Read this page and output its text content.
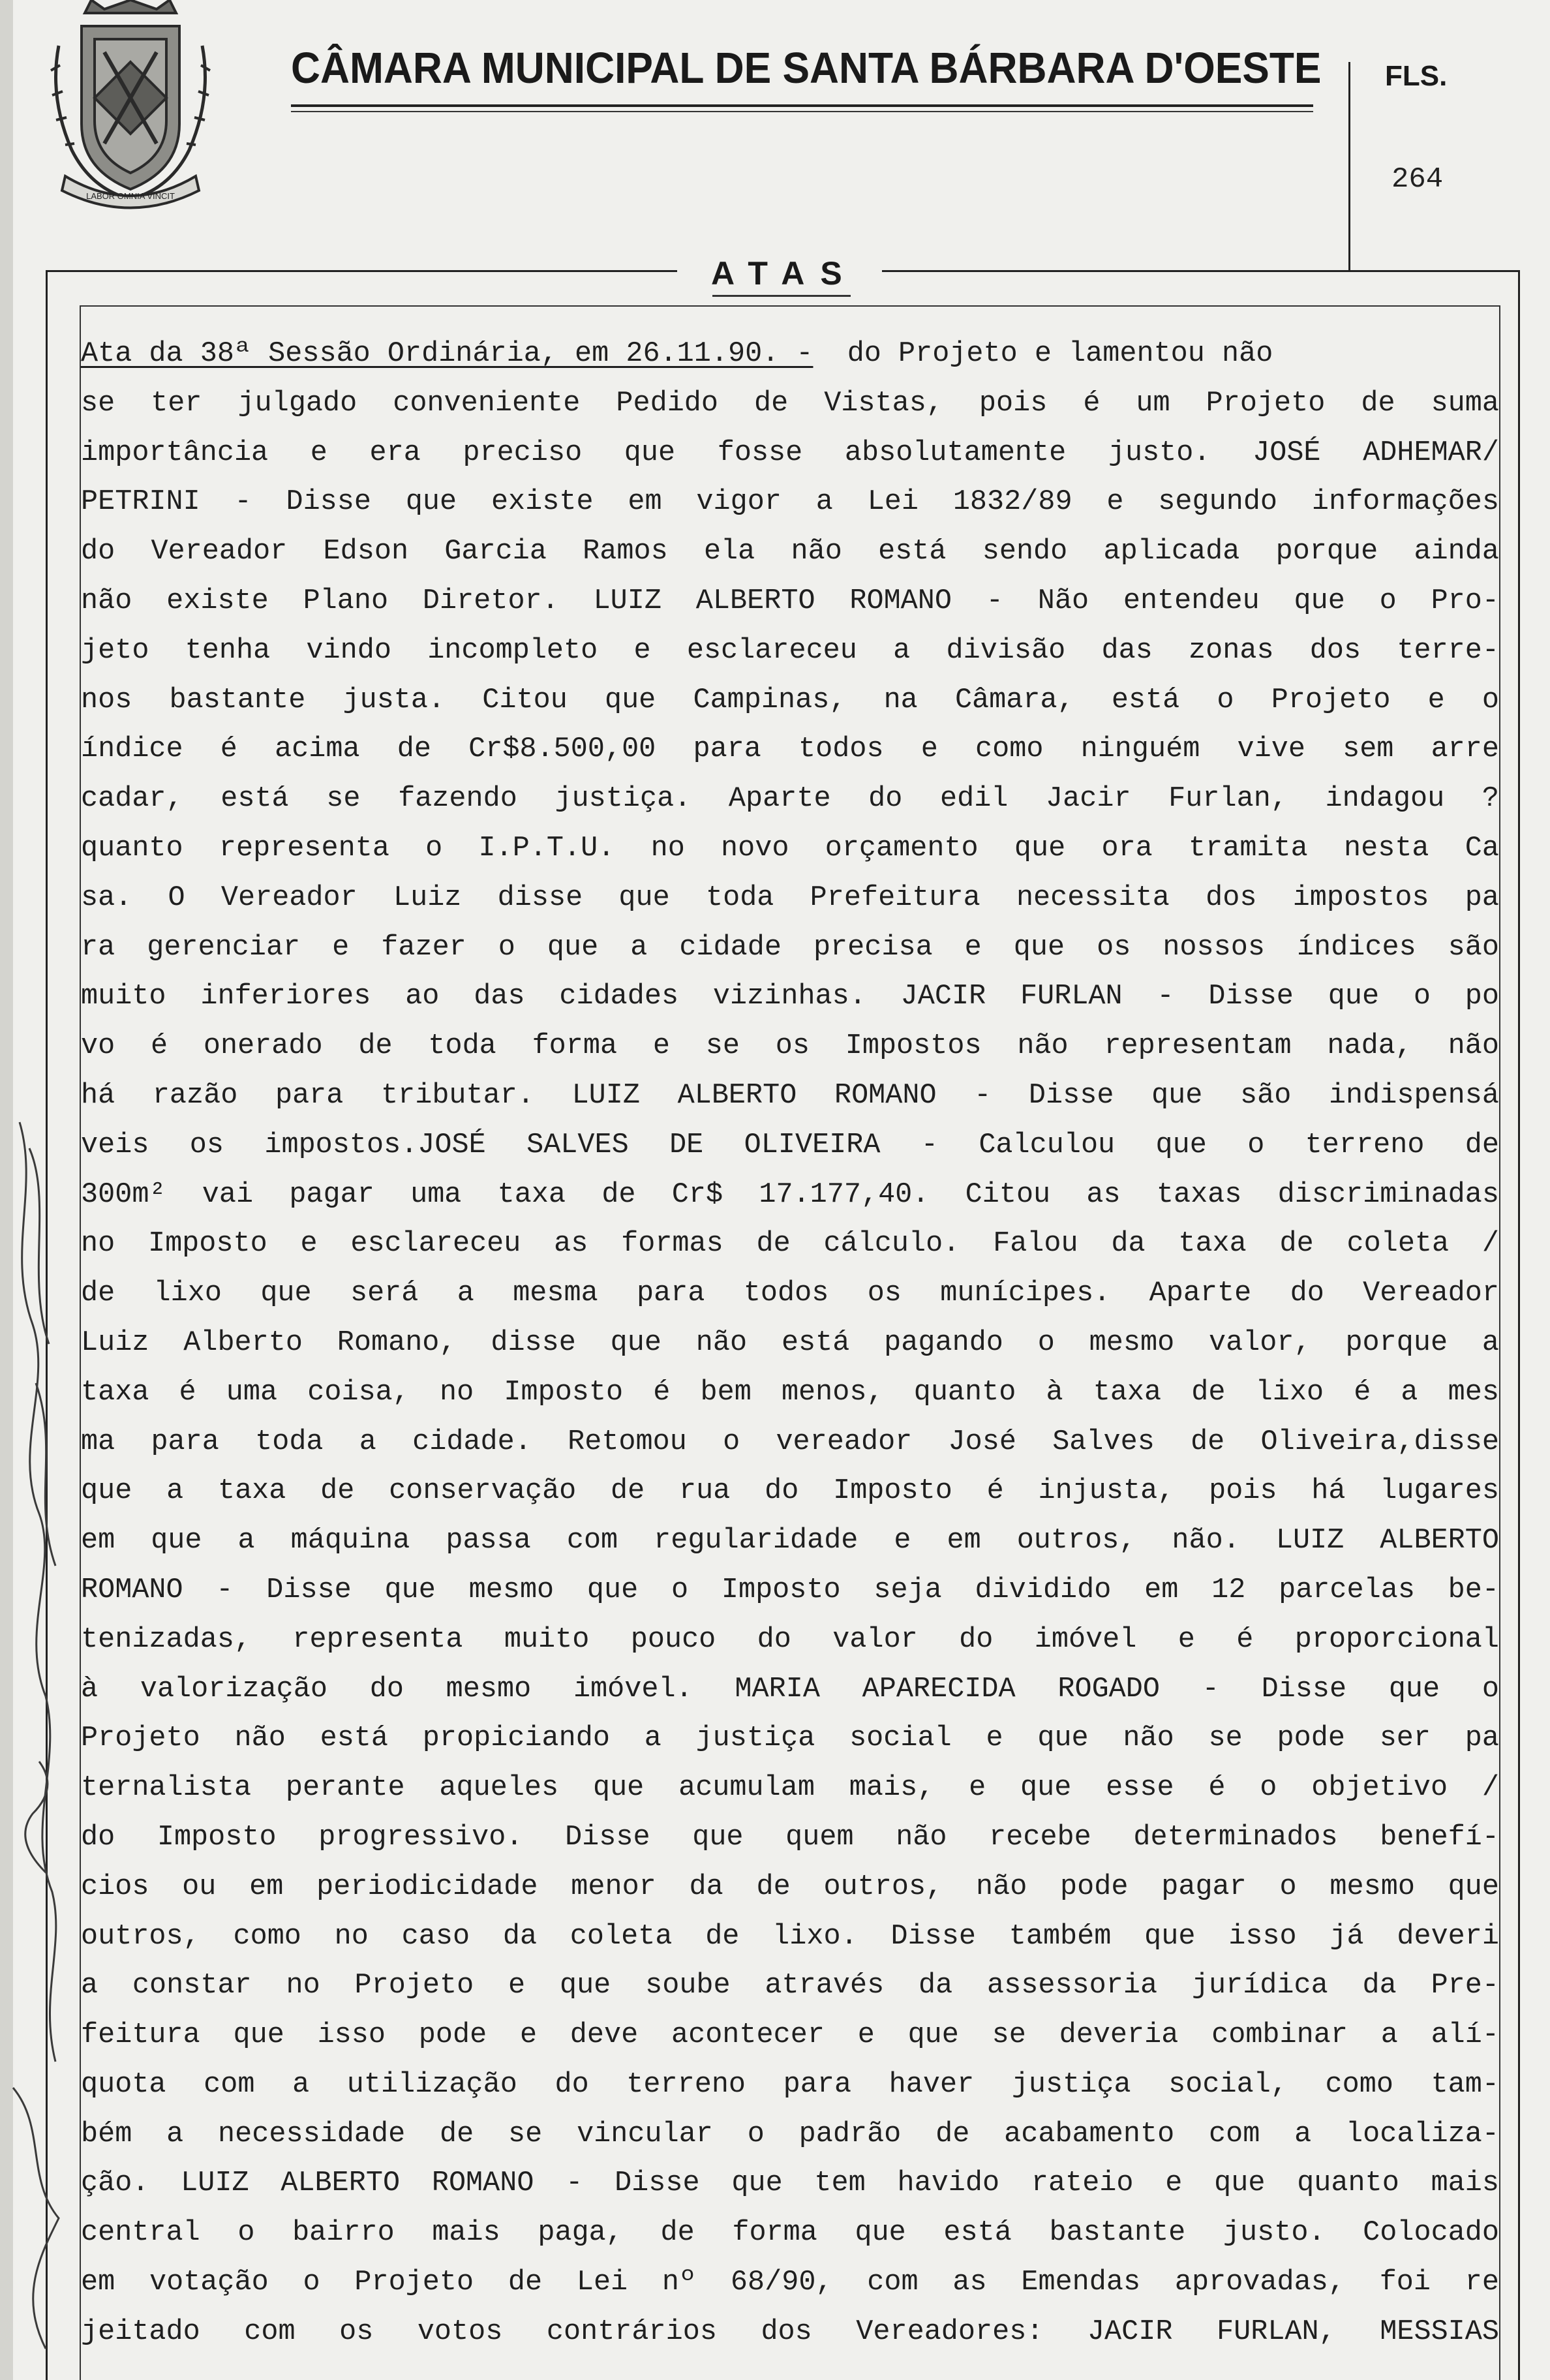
LABOR OMNIA VINCIT
CÂMARA MUNICIPAL DE SANTA BÁRBARA D'OESTE FLS.
264
ATAS
Ata da 38ª Sessão Ordinária, em 26.11.90. - do Projeto e lamentou não
se ter julgado conveniente Pedido de Vistas, pois é um Projeto de suma
importância e era preciso que fosse absolutamente justo. JOSÉ ADHEMAR/
PETRINI - Disse que existe em vigor a Lei 1832/89 e segundo informações
do Vereador Edson Garcia Ramos ela não está sendo aplicada porque ainda
não existe Plano Diretor. LUIZ ALBERTO ROMANO - Não entendeu que o Pro-
jeto tenha vindo incompleto e esclareceu a divisão das zonas dos terre-
nos bastante justa. Citou que Campinas, na Câmara, está o Projeto e o
índice é acima de Cr$8.500,00 para todos e como ninguém vive sem arre
cadar, está se fazendo justiça. Aparte do edil Jacir Furlan, indagou ?
quanto representa o I.P.T.U. no novo orçamento que ora tramita nesta Ca
sa. O Vereador Luiz disse que toda Prefeitura necessita dos impostos pa
ra gerenciar e fazer o que a cidade precisa e que os nossos índices são
muito inferiores ao das cidades vizinhas. JACIR FURLAN - Disse que o po
vo é onerado de toda forma e se os Impostos não representam nada, não
há razão para tributar. LUIZ ALBERTO ROMANO - Disse que são indispensá
veis os impostos.JOSÉ SALVES DE OLIVEIRA - Calculou que o terreno de
300m² vai pagar uma taxa de Cr$ 17.177,40. Citou as taxas discriminadas
no Imposto e esclareceu as formas de cálculo. Falou da taxa de coleta /
de lixo que será a mesma para todos os munícipes. Aparte do Vereador
Luiz Alberto Romano, disse que não está pagando o mesmo valor, porque a
taxa é uma coisa, no Imposto é bem menos, quanto à taxa de lixo é a mes
ma para toda a cidade. Retomou o vereador José Salves de Oliveira,disse
que a taxa de conservação de rua do Imposto é injusta, pois há lugares
em que a máquina passa com regularidade e em outros, não. LUIZ ALBERTO
ROMANO - Disse que mesmo que o Imposto seja dividido em 12 parcelas be-
tenizadas, representa muito pouco do valor do imóvel e é proporcional
à valorização do mesmo imóvel. MARIA APARECIDA ROGADO - Disse que o
Projeto não está propiciando a justiça social e que não se pode ser pa
ternalista perante aqueles que acumulam mais, e que esse é o objetivo /
do Imposto progressivo. Disse que quem não recebe determinados benefí-
cios ou em periodicidade menor da de outros, não pode pagar o mesmo que
outros, como no caso da coleta de lixo. Disse também que isso já deveri
a constar no Projeto e que soube através da assessoria jurídica da Pre-
feitura que isso pode e deve acontecer e que se deveria combinar a alí-
quota com a utilização do terreno para haver justiça social, como tam-
bém a necessidade de se vincular o padrão de acabamento com a localiza-
ção. LUIZ ALBERTO ROMANO - Disse que tem havido rateio e que quanto mais
central o bairro mais paga, de forma que está bastante justo. Colocado
em votação o Projeto de Lei nº 68/90, com as Emendas aprovadas, foi re
jeitado com os votos contrários dos Vereadores: JACIR FURLAN, MESSIAS
